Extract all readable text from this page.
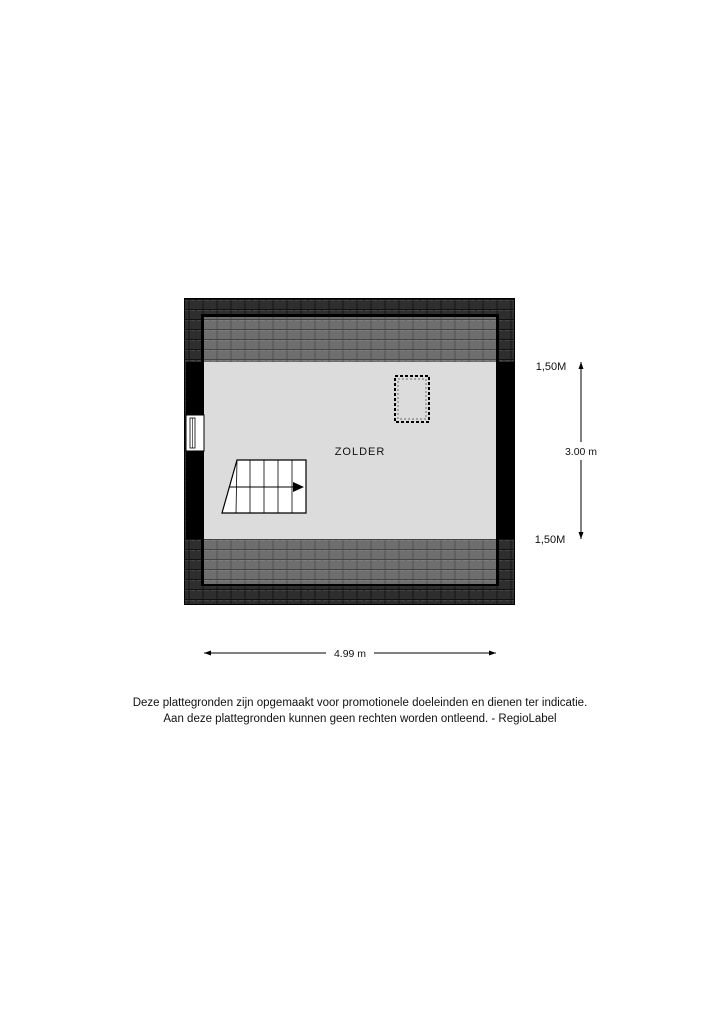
ZOLDER
4.99 m
3.00 m
1,50M
1,50M
Deze plattegronden zijn opgemaakt voor promotionele doeleinden en dienen ter indicatie.
Aan deze plattegronden kunnen geen rechten worden ontleend. - RegioLabel
